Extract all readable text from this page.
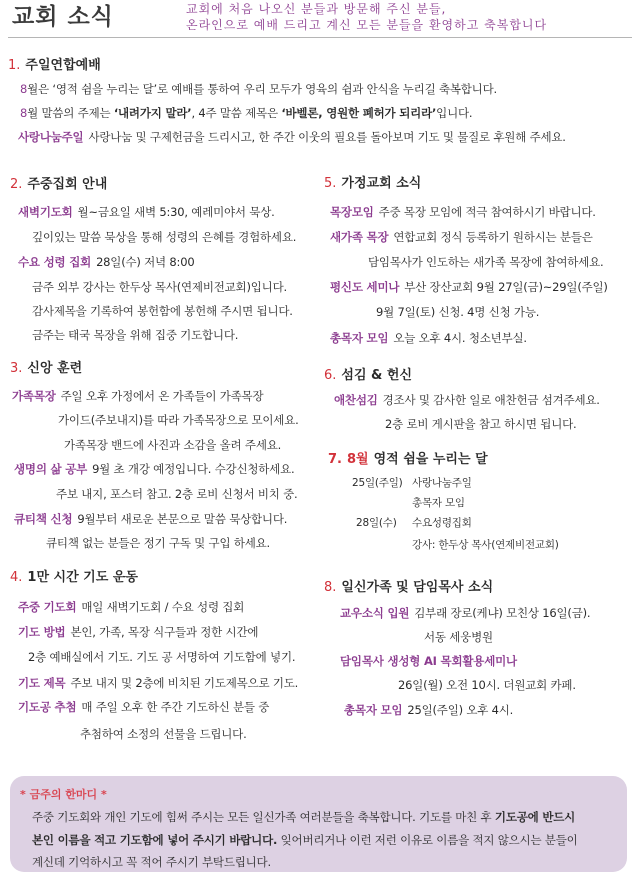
교회 소식	교회에 처음 나오신 분들과 방문해 주신 분들,
온라인으로 예배 드리고 계신 모든 분들을 환영하고 축복합니다
1. 주일연합예배
8월은 ‘영적 쉼을 누리는 달’로 예배를 통하여 우리 모두가 영육의 쉼과 안식을 누리길 축복합니다.
8월 말씀의 주제는 ‘내려가지 말라’, 4주 말씀 제목은 ‘바벨론, 영원한 폐허가 되리라’입니다.
사랑나눔주일 사랑나눔 및 구제헌금을 드리시고, 한 주간 이웃의 필요를 돌아보며 기도 및 물질로 후원해 주세요.
2. 주중집회 안내
새벽기도회 월~금요일 새벽 5:30, 예레미야서 묵상.
깊이있는 말씀 묵상을 통해 성령의 은혜를 경험하세요.
수요 성령 집회 28일(수) 저녁 8:00
금주 외부 강사는 한두상 목사(연제비전교회)입니다.
감사제목을 기록하여 봉헌함에 봉헌해 주시면 됩니다.
금주는 태국 목장을 위해 집중 기도합니다.
3. 신앙 훈련
가족목장 주일 오후 가정에서 온 가족들이 가족목장
가이드(주보내지)를 따라 가족목장으로 모이세요.
가족목장 밴드에 사진과 소감을 올려 주세요.
생명의 삶 공부 9월 초 개강 예정입니다. 수강신청하세요.
주보 내지, 포스터 참고. 2층 로비 신청서 비치 중.
큐티책 신청 9월부터 새로운 본문으로 말씀 묵상합니다.
큐티책 없는 분들은 정기 구독 및 구입 하세요.
4. 1만 시간 기도 운동
주중 기도회 매일 새벽기도회 / 수요 성령 집회
기도 방법 본인, 가족, 목장 식구들과 정한 시간에
2층 예배실에서 기도. 기도 공 서명하여 기도함에 넣기.
기도 제목 주보 내지 및 2층에 비치된 기도제목으로 기도.
기도공 추첨 매 주일 오후 한 주간 기도하신 분들 중
추첨하여 소정의 선물을 드립니다.
5. 가정교회 소식
목장모임 주중 목장 모임에 적극 참여하시기 바랍니다.
새가족 목장 연합교회 정식 등록하기 원하시는 분들은
담임목사가 인도하는 새가족 목장에 참여하세요.
평신도 세미나 부산 장산교회 9월 27일(금)~29일(주일)
9월 7일(토) 신청. 4명 신청 가능.
총목자 모임 오늘 오후 4시. 청소년부실.
6. 섬김 & 헌신
애찬섬김 경조사 및 감사한 일로 애찬헌금 섬겨주세요.
2층 로비 게시판을 참고 하시면 됩니다.
7. 8월 영적 쉼을 누리는 달
25일(주일) 사랑나눔주일
총목자 모임
28일(수) 수요성령집회
강사: 한두상 목사(연제비전교회)
8. 일신가족 및 담임목사 소식
교우소식 입원 김부래 장로(케냐) 모친상 16일(금).
서동 세웅병원
담임목사 생성형 AI 목회활용세미나
26일(월) 오전 10시. 더원교회 카페.
총목자 모임 25일(주일) 오후 4시.
* 금주의 한마디 *
주중 기도회와 개인 기도에 힘써 주시는 모든 일신가족 여러분들을 축복합니다. 기도를 마친 후 기도공에 반드시
본인 이름을 적고 기도함에 넣어 주시기 바랍니다. 잊어버리거나 이런 저런 이유로 이름을 적지 않으시는 분들이
계신데 기억하시고 꼭 적어 주시기 부탁드립니다.
